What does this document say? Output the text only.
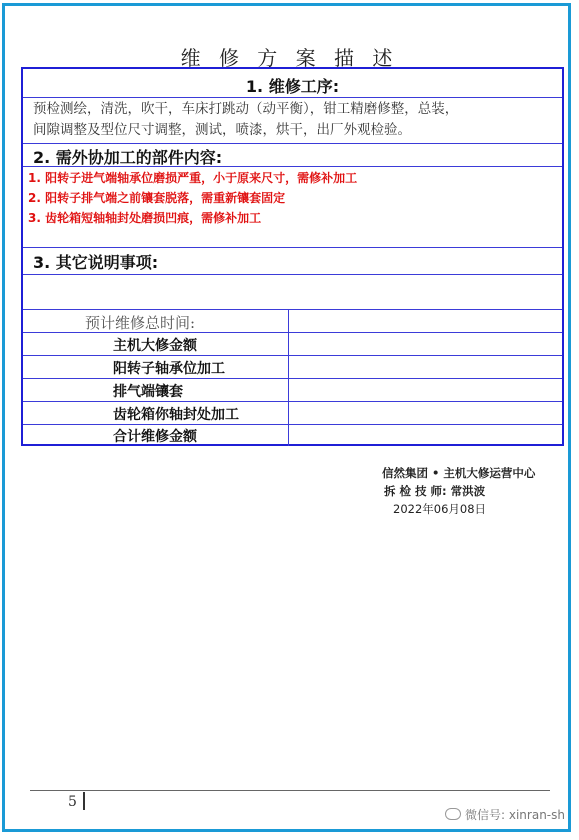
维 修 方 案 描 述
1. 维修工序:
预检测绘，清洗，吹干，车床打跳动（动平衡），钳工精磨修整，总装，
间隙调整及型位尺寸调整，测试，喷漆，烘干，出厂外观检验。
2. 需外协加工的部件内容:
1. 阳转子进气端轴承位磨损严重，小于原来尺寸，需修补加工
2. 阳转子排气端之前镶套脱落，需重新镶套固定
3. 齿轮箱短轴轴封处磨损凹痕，需修补加工
3. 其它说明事项:
预计维修总时间:
主机大修金额
阳转子轴承位加工
排气端镶套
齿轮箱你轴封处加工
合计维修金额
信然集团 • 主机大修运营中心
拆 检 技 师: 常洪波
2022年06月08日
5
微信号: xinran-sh
